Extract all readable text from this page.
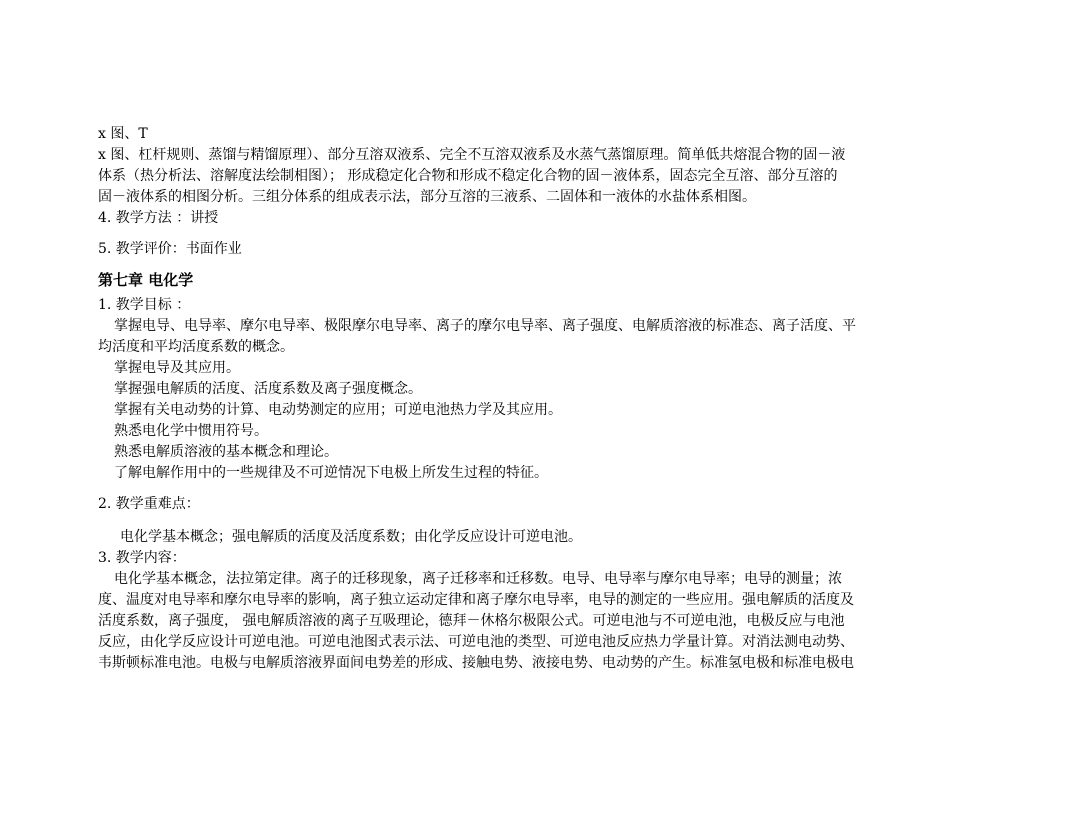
x 图、T

x 图、杠杆规则、蒸馏与精馏原理）、部分互溶双液系、完全不互溶双液系及水蒸气蒸馏原理。简单低共熔混合物的固－液

体系（热分析法、溶解度法绘制相图）； 形成稳定化合物和形成不稳定化合物的固－液体系，固态完全互溶、部分互溶的

固－液体系的相图分析。三组分体系的组成表示法，部分互溶的三液系、二固体和一液体的水盐体系相图。

4. 教学方法 ：讲授

5. 教学评价：书面作业

第七章 电化学

1. 教学目标 ：

掌握电导、电导率、摩尔电导率、极限摩尔电导率、离子的摩尔电导率、离子强度、电解质溶液的标准态、离子活度、平

均活度和平均活度系数的概念。

掌握电导及其应用。

掌握强电解质的活度、活度系数及离子强度概念。

掌握有关电动势的计算、电动势测定的应用；可逆电池热力学及其应用。

熟悉电化学中惯用符号。

熟悉电解质溶液的基本概念和理论。

了解电解作用中的一些规律及不可逆情况下电极上所发生过程的特征。

2. 教学重难点：

电化学基本概念；强电解质的活度及活度系数；由化学反应设计可逆电池。

3. 教学内容：

电化学基本概念，法拉第定律。离子的迁移现象，离子迁移率和迁移数。电导、电导率与摩尔电导率；电导的测量；浓

度、温度对电导率和摩尔电导率的影响，离子独立运动定律和离子摩尔电导率，电导的测定的一些应用。强电解质的活度及

活度系数，离子强度， 强电解质溶液的离子互吸理论，德拜－休格尔极限公式。可逆电池与不可逆电池，电极反应与电池

反应，由化学反应设计可逆电池。可逆电池图式表示法、可逆电池的类型、可逆电池反应热力学量计算。对消法测电动势、

韦斯顿标准电池。电极与电解质溶液界面间电势差的形成、接触电势、液接电势、电动势的产生。标准氢电极和标准电极电
